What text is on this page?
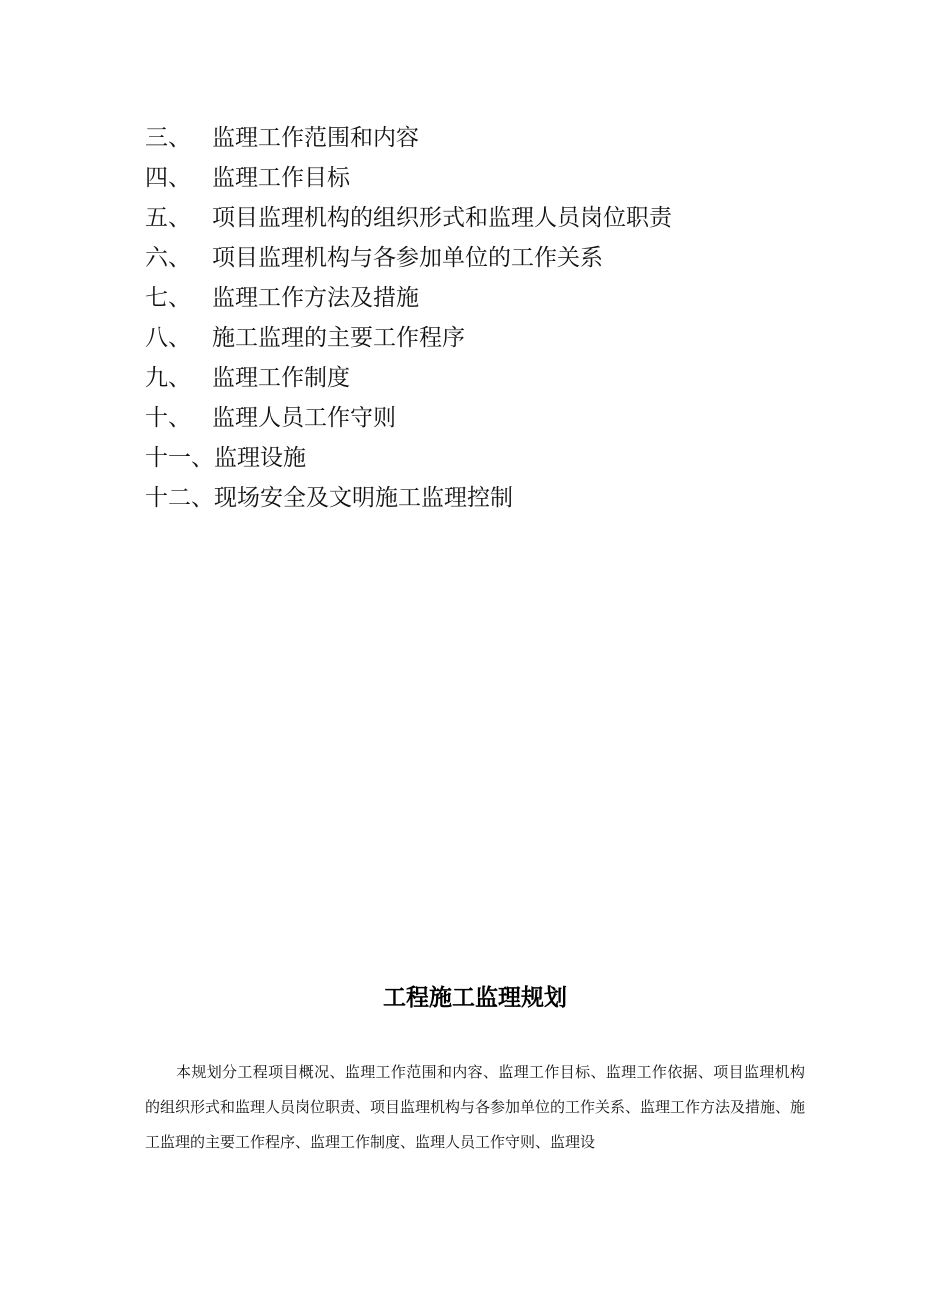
三、 监理工作范围和内容
四、 监理工作目标
五、 项目监理机构的组织形式和监理人员岗位职责
六、 项目监理机构与各参加单位的工作关系
七、 监理工作方法及措施
八、 施工监理的主要工作程序
九、 监理工作制度
十、 监理人员工作守则
十一、 监理设施
十二、 现场安全及文明施工监理控制
工程施工监理规划

本规划分工程项目概况、监理工作范围和内容、监理工作目标、监理工作依据、项目监理机构的组织形式和监理人员岗位职责、项目监理机构与各参加单位的工作关系、监理工作方法及措施、施工监理的主要工作程序、监理工作制度、监理人员工作守则、监理设
